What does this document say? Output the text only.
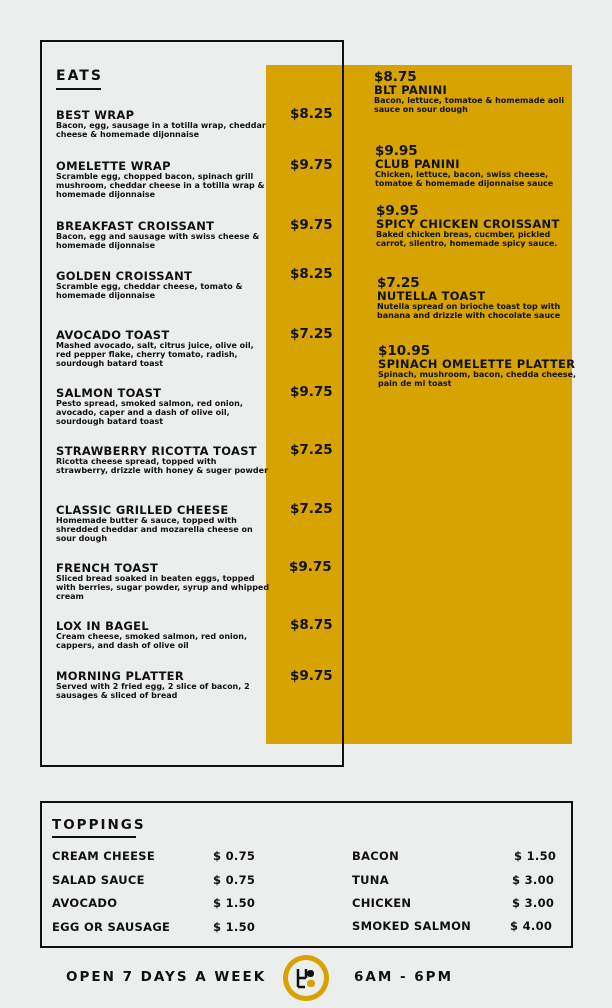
EATS
BEST WRAP
Bacon, egg, sausage in a totilla wrap, cheddar cheese & homemade dijonnaise
$8.25
OMELETTE WRAP
Scramble egg, chopped bacon, spinach grill mushroom, cheddar cheese in a totilla wrap & homemade dijonnaise
$9.75
BREAKFAST CROISSANT
Bacon, egg and sausage with swiss cheese & homemade dijonnaise
$9.75
GOLDEN CROISSANT
Scramble egg, cheddar cheese, tomato & homemade dijonnaise
$8.25
AVOCADO TOAST
Mashed avocado, salt, citrus juice, olive oil, red pepper flake, cherry tomato, radish, sourdough batard toast
$7.25
SALMON TOAST
Pesto spread, smoked salmon, red onion, avocado, caper and a dash of olive oil, sourdough batard toast
$9.75
STRAWBERRY RICOTTA TOAST
Ricotta cheese spread, topped with strawberry, drizzle with honey & suger powder
$7.25
CLASSIC GRILLED CHEESE
Homemade butter & sauce, topped with shredded cheddar and mozarella cheese on sour dough
$7.25
FRENCH TOAST
Sliced bread soaked in beaten eggs, topped with berries, sugar powder, syrup and whipped cream
$9.75
LOX IN BAGEL
Cream cheese, smoked salmon, red onion, cappers, and dash of olive oil
$8.75
MORNING PLATTER
Served with 2 fried egg, 2 slice of bacon, 2 sausages & sliced of bread
$9.75
$8.75
BLT PANINI
Bacon, lettuce, tomatoe & homemade aoli sauce on sour dough
$9.95
CLUB PANINI
Chicken, lettuce, bacon, swiss cheese, tomatoe & homemade dijonnaise sauce
$9.95
SPICY CHICKEN CROISSANT
Baked chicken breas, cucmber, pickled carrot, silentro, homemade spicy sauce.
$7.25
NUTELLA TOAST
Nutella spread on brioche toast top with banana and drizzle with chocolate sauce
$10.95
SPINACH OMELETTE PLATTER
Spinach, mushroom, bacon, chedda cheese, pain de mi toast
TOPPINGS
CREAM CHEESE	$ 0.75
SALAD SAUCE	$ 0.75
AVOCADO	$ 1.50
EGG OR SAUSAGE	$ 1.50
BACON	$ 1.50
TUNA	$ 3.00
CHICKEN	$ 3.00
SMOKED SALMON	$ 4.00
OPEN 7 DAYS A WEEK	6AM - 6PM
